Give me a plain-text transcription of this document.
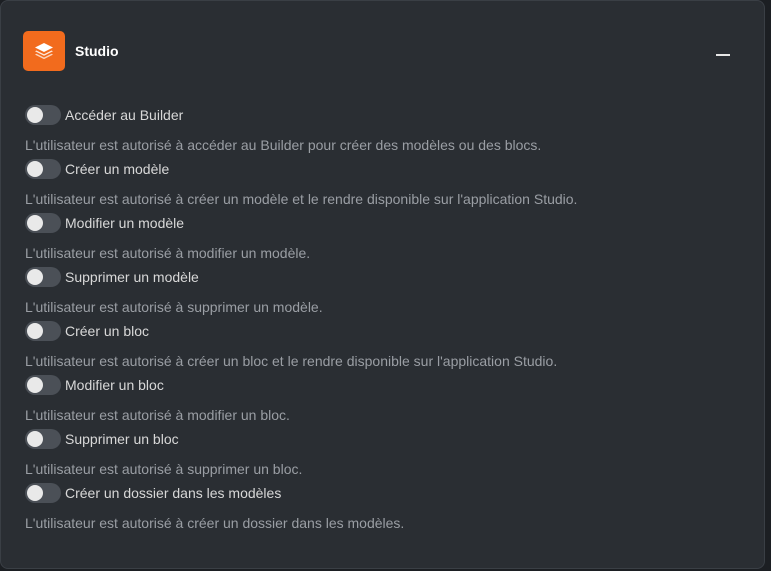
Studio
Accéder au Builder
L'utilisateur est autorisé à accéder au Builder pour créer des modèles ou des blocs.
Créer un modèle
L'utilisateur est autorisé à créer un modèle et le rendre disponible sur l'application Studio.
Modifier un modèle
L'utilisateur est autorisé à modifier un modèle.
Supprimer un modèle
L'utilisateur est autorisé à supprimer un modèle.
Créer un bloc
L'utilisateur est autorisé à créer un bloc et le rendre disponible sur l'application Studio.
Modifier un bloc
L'utilisateur est autorisé à modifier un bloc.
Supprimer un bloc
L'utilisateur est autorisé à supprimer un bloc.
Créer un dossier dans les modèles
L'utilisateur est autorisé à créer un dossier dans les modèles.
